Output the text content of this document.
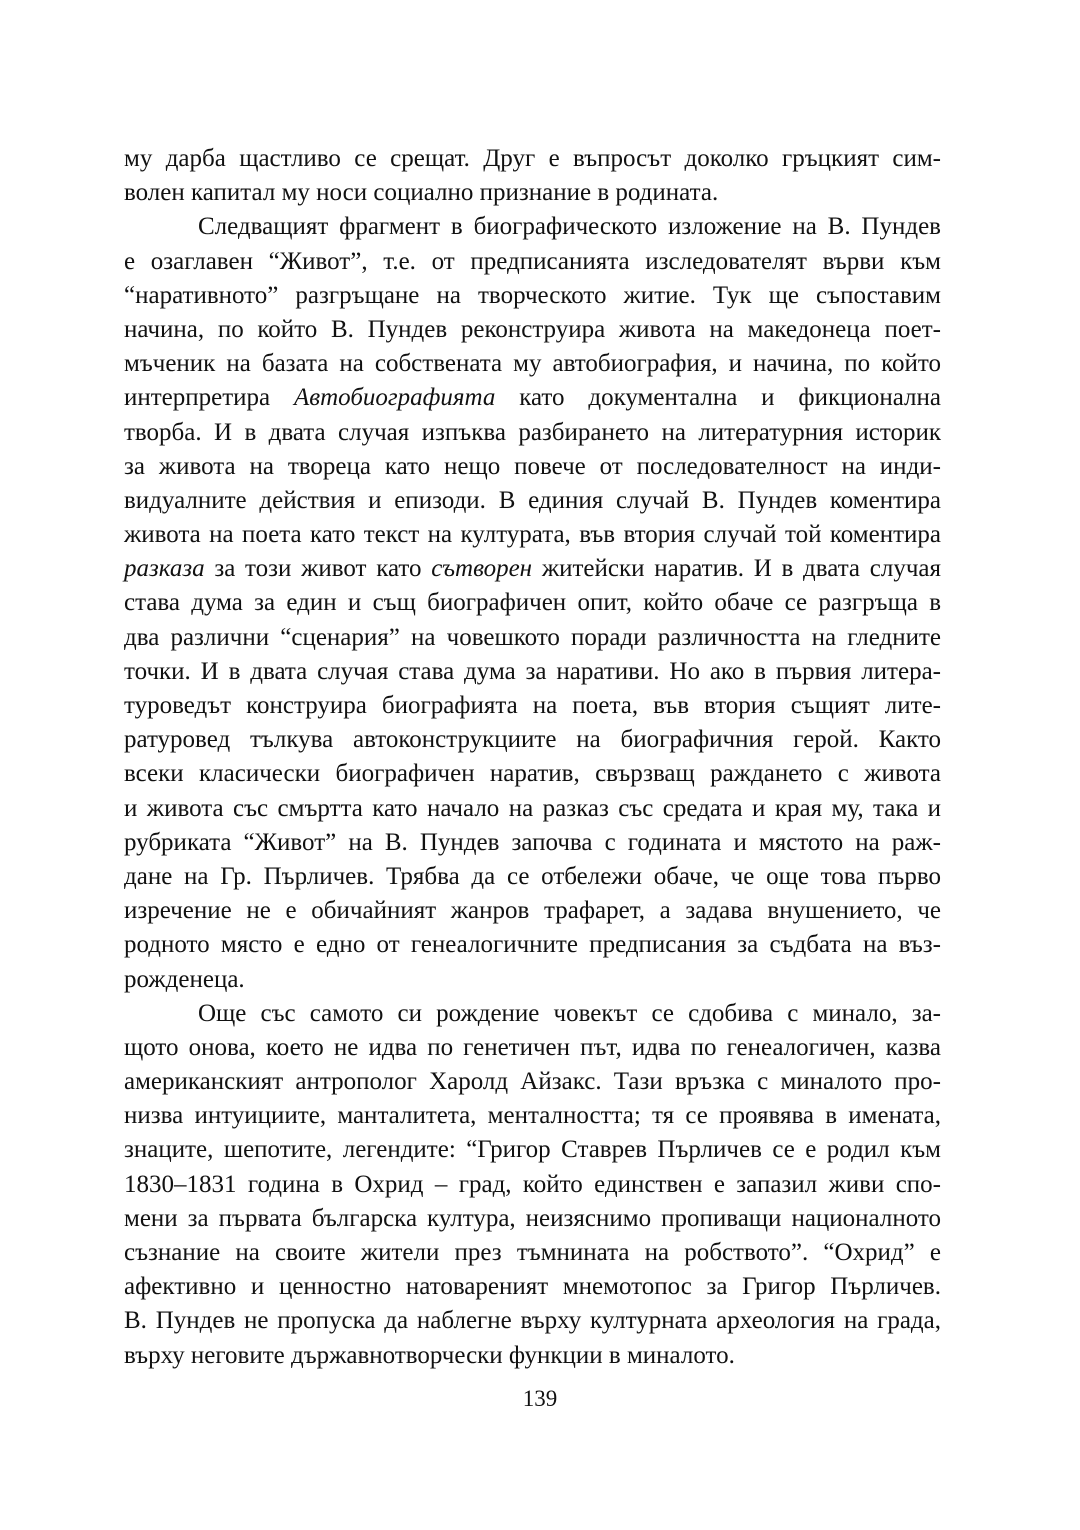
му дарба щастливо се срещат. Друг е въпросът доколко гръцкият сим-
волен капитал му носи социално признание в родината.
Следващият фрагмент в биографическото изложение на В. Пундев
е озаглавен “Живот”, т.е. от предписанията изследователят върви към
“наративното” разгръщане на творческото житие. Тук ще съпоставим
начина, по който В. Пундев реконструира живота на македонеца поет-
мъченик на базата на собствената му автобиография, и начина, по който
интерпретира Автобиографията като документална и фикционална
творба. И в двата случая изпъква разбирането на литературния историк
за живота на твореца като нещо повече от последователност на инди-
видуалните действия и епизоди. В единия случай В. Пундев коментира
живота на поета като текст на културата, във втория случай той коментира
разказа за този живот като сътворен житейски наратив. И в двата случая
става дума за един и същ биографичен опит, който обаче се разгръща в
два различни “сценария” на човешкото поради различността на гледните
точки. И в двата случая става дума за наративи. Но ако в първия литера-
туроведът конструира биографията на поета, във втория същият лите-
ратуровед тълкува автоконструкциите на биографичния герой. Както
всеки класически биографичен наратив, свързващ раждането с живота
и живота със смъртта като начало на разказ със средата и края му, така и
рубриката “Живот” на В. Пундев започва с годината и мястото на раж-
дане на Гр. Пърличев. Трябва да се отбележи обаче, че още това първо
изречение не е обичайният жанров трафарет, а задава внушението, че
родното място е едно от генеалогичните предписания за съдбата на въз-
рожденеца.
Още със самото си рождение човекът се сдобива с минало, за-
щото онова, което не идва по генетичен път, идва по генеалогичен, казва
американският антрополог Харолд Айзакс. Тази връзка с миналото про-
низва интуициите, манталитета, менталността; тя се проявява в имената,
знаците, шепотите, легендите: “Григор Ставрев Пърличев се е родил към
1830–1831 година в Охрид – град, който единствен е запазил живи спо-
мени за първата българска култура, неизяснимо пропиващи националното
съзнание на своите жители през тъмнината на робството”. “Охрид” е
афективно и ценностно натовареният мнемотопос за Григор Пърличев.
В. Пундев не пропуска да наблегне върху културната археология на града,
върху неговите държавнотворчески функции в миналото.
139
